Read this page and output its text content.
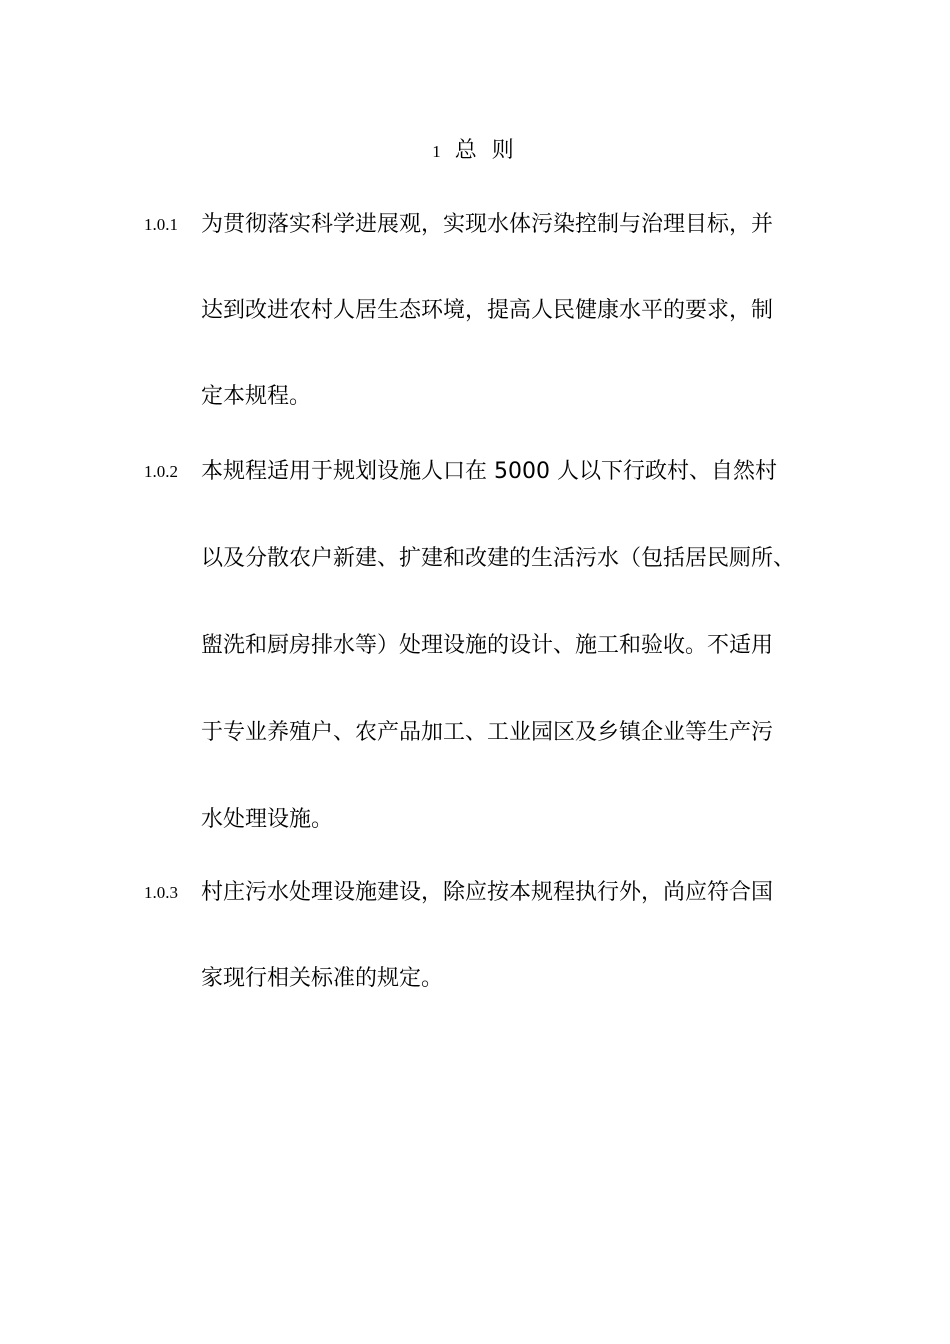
1 总 则
1.0.1 为贯彻落实科学进展观，实现水体污染控制与治理目标，并
达到改进农村人居生态环境，提高人民健康水平的要求，制
定本规程。
1.0.2 本规程适用于规划设施人口在 5000 人以下行政村、自然村
以及分散农户新建、扩建和改建的生活污水（包括居民厕所、
盥洗和厨房排水等）处理设施的设计、施工和验收。不适用
于专业养殖户、农产品加工、工业园区及乡镇企业等生产污
水处理设施。
1.0.3 村庄污水处理设施建设，除应按本规程执行外，尚应符合国
家现行相关标准的规定。
